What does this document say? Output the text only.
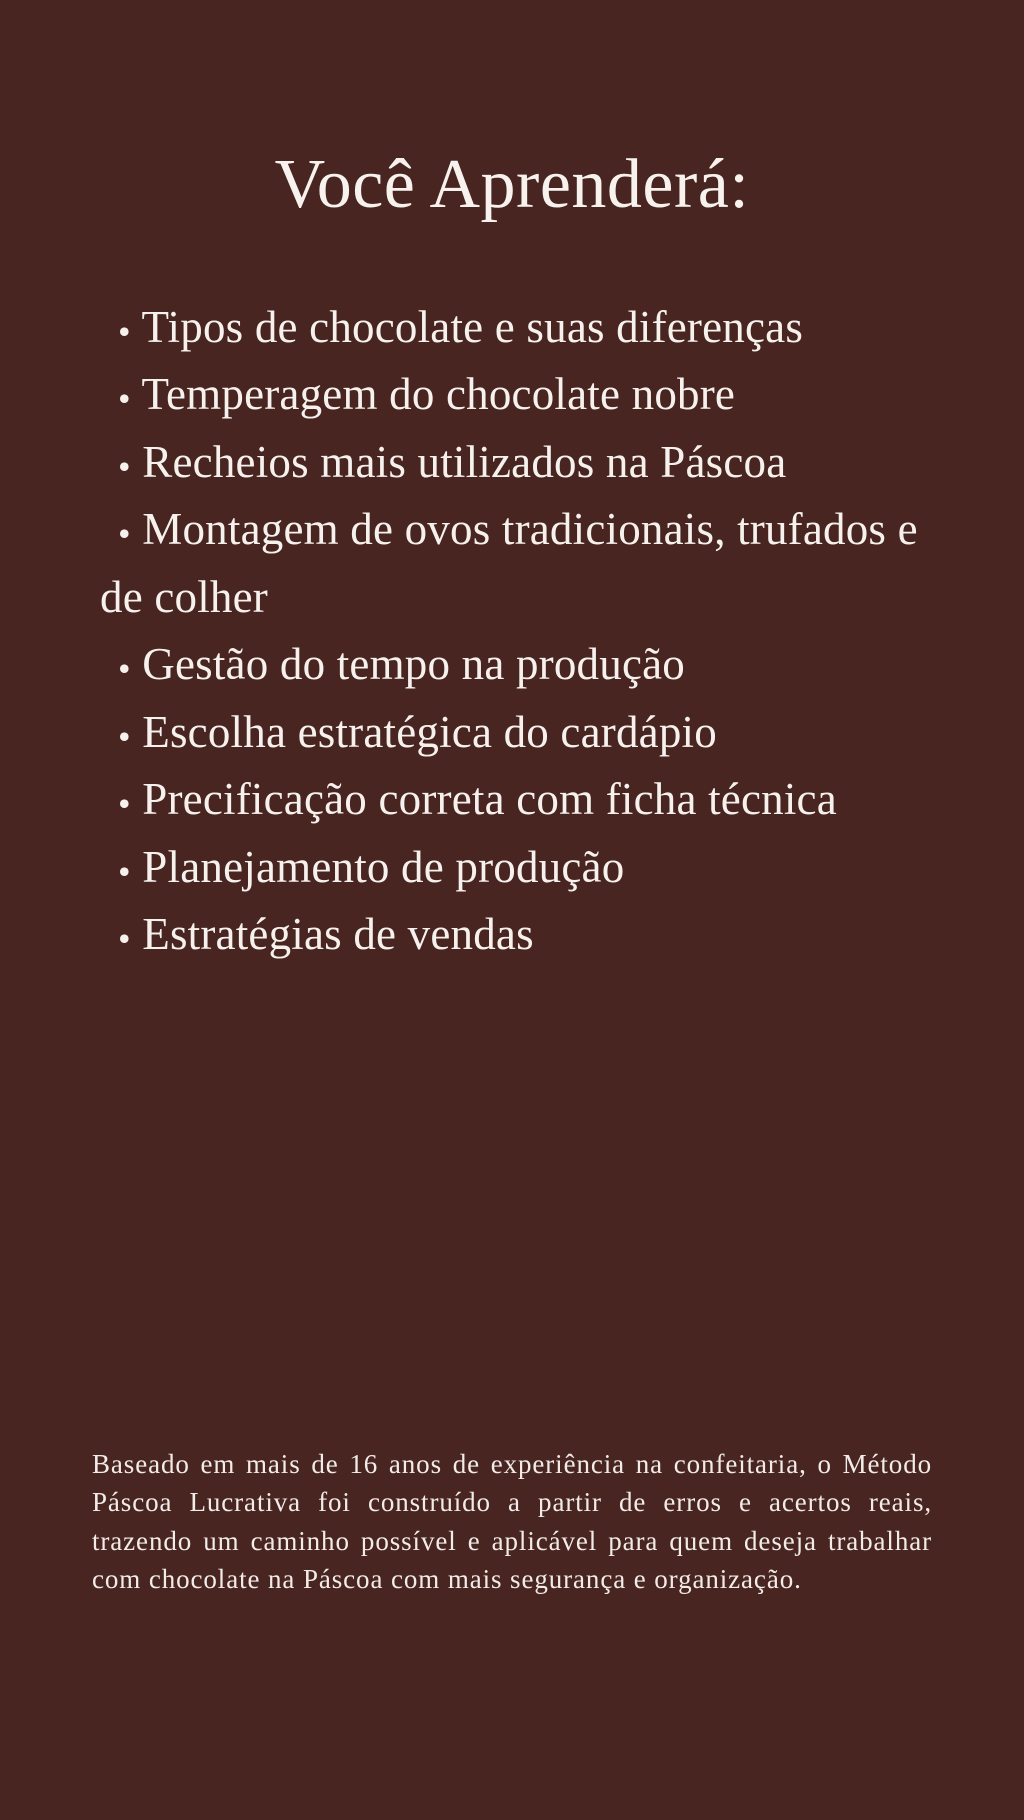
Você Aprenderá:
• Tipos de chocolate e suas diferenças
• Temperagem do chocolate nobre
• Recheios mais utilizados na Páscoa
• Montagem de ovos tradicionais, trufados e de colher
• Gestão do tempo na produção
• Escolha estratégica do cardápio
• Precificação correta com ficha técnica
• Planejamento de produção
• Estratégias de vendas

Baseado em mais de 16 anos de experiência na confeitaria, o Método Páscoa Lucrativa foi construído a partir de erros e acertos reais, trazendo um caminho possível e aplicável para quem deseja trabalhar com chocolate na Páscoa com mais segurança e organização.
